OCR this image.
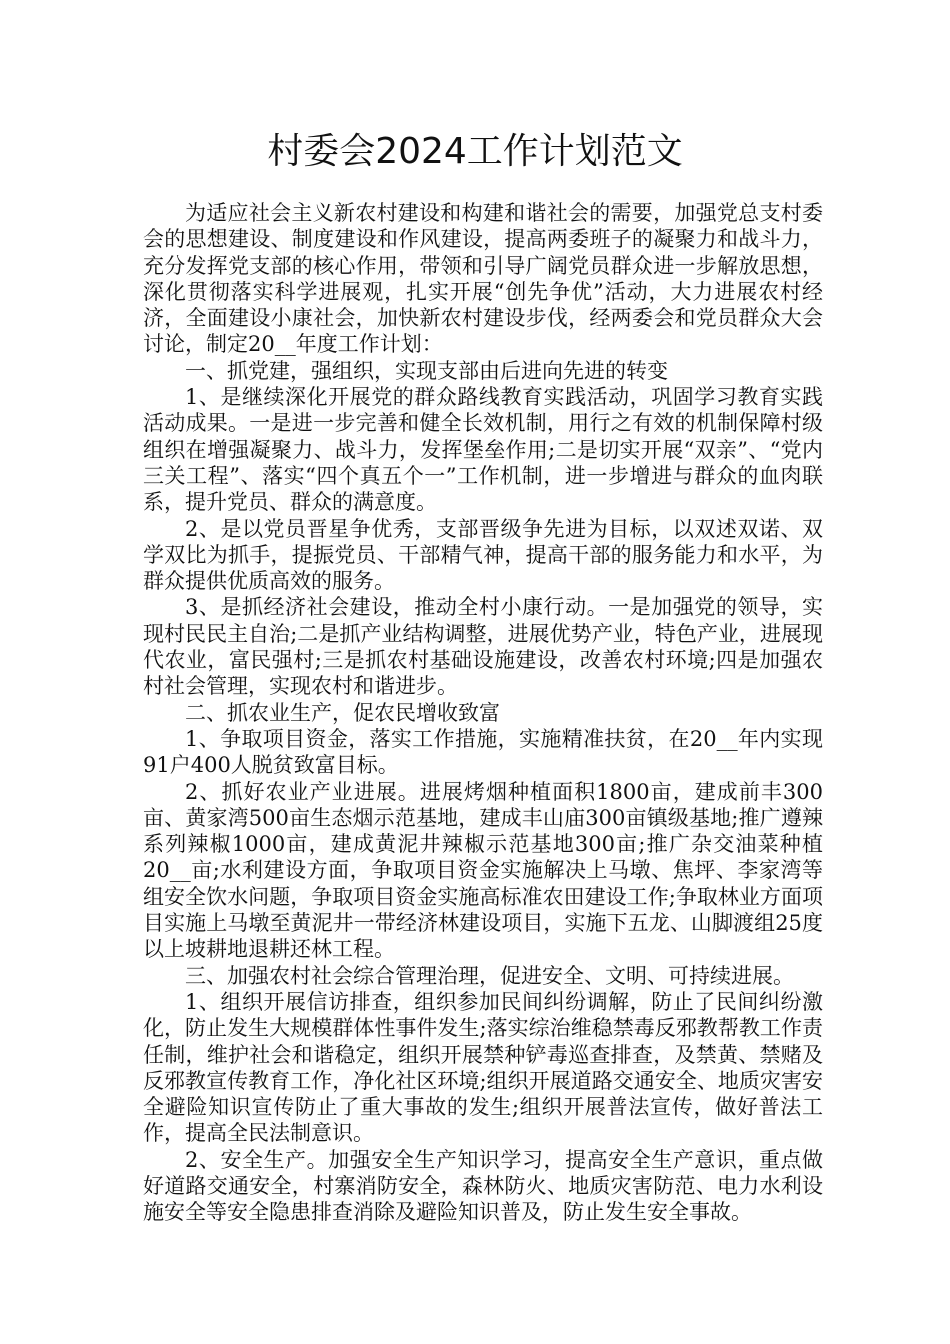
村委会2024工作计划范文

为适应社会主义新农村建设和构建和谐社会的需要，加强党总支村委会的思想建设、制度建设和作风建设，提高两委班子的凝聚力和战斗力，充分发挥党支部的核心作用，带领和引导广阔党员群众进一步解放思想，深化贯彻落实科学进展观，扎实开展“创先争优”活动，大力进展农村经济，全面建设小康社会，加快新农村建设步伐，经两委会和党员群众大会讨论，制定20__年度工作计划：

一、抓党建，强组织，实现支部由后进向先进的转变

1、是继续深化开展党的群众路线教育实践活动，巩固学习教育实践活动成果。一是进一步完善和健全长效机制，用行之有效的机制保障村级组织在增强凝聚力、战斗力，发挥堡垒作用;二是切实开展“双亲”、“党内三关工程”、落实“四个真五个一”工作机制，进一步增进与群众的血肉联系，提升党员、群众的满意度。

2、是以党员晋星争优秀，支部晋级争先进为目标，以双述双诺、双学双比为抓手，提振党员、干部精气神，提高干部的服务能力和水平，为群众提供优质高效的服务。

3、是抓经济社会建设，推动全村小康行动。一是加强党的领导，实现村民民主自治;二是抓产业结构调整，进展优势产业，特色产业，进展现代农业，富民强村;三是抓农村基础设施建设，改善农村环境;四是加强农村社会管理，实现农村和谐进步。

二、抓农业生产，促农民增收致富

1、争取项目资金，落实工作措施，实施精准扶贫，在20__年内实现91户400人脱贫致富目标。

2、抓好农业产业进展。进展烤烟种植面积1800亩，建成前丰300亩、黄家湾500亩生态烟示范基地，建成丰山庙300亩镇级基地;推广遵辣系列辣椒1000亩，建成黄泥井辣椒示范基地300亩;推广杂交油菜种植20__亩;水利建设方面，争取项目资金实施解决上马墩、焦坪、李家湾等组安全饮水问题，争取项目资金实施高标准农田建设工作;争取林业方面项目实施上马墩至黄泥井一带经济林建设项目，实施下五龙、山脚渡组25度以上坡耕地退耕还林工程。

三、加强农村社会综合管理治理，促进安全、文明、可持续进展。

1、组织开展信访排查，组织参加民间纠纷调解，防止了民间纠纷激化，防止发生大规模群体性事件发生;落实综治维稳禁毒反邪教帮教工作责任制，维护社会和谐稳定，组织开展禁种铲毒巡查排查，及禁黄、禁赌及反邪教宣传教育工作，净化社区环境;组织开展道路交通安全、地质灾害安全避险知识宣传防止了重大事故的发生;组织开展普法宣传，做好普法工作，提高全民法制意识。

2、安全生产。加强安全生产知识学习，提高安全生产意识，重点做好道路交通安全，村寨消防安全，森林防火、地质灾害防范、电力水利设施安全等安全隐患排查消除及避险知识普及，防止发生安全事故。
